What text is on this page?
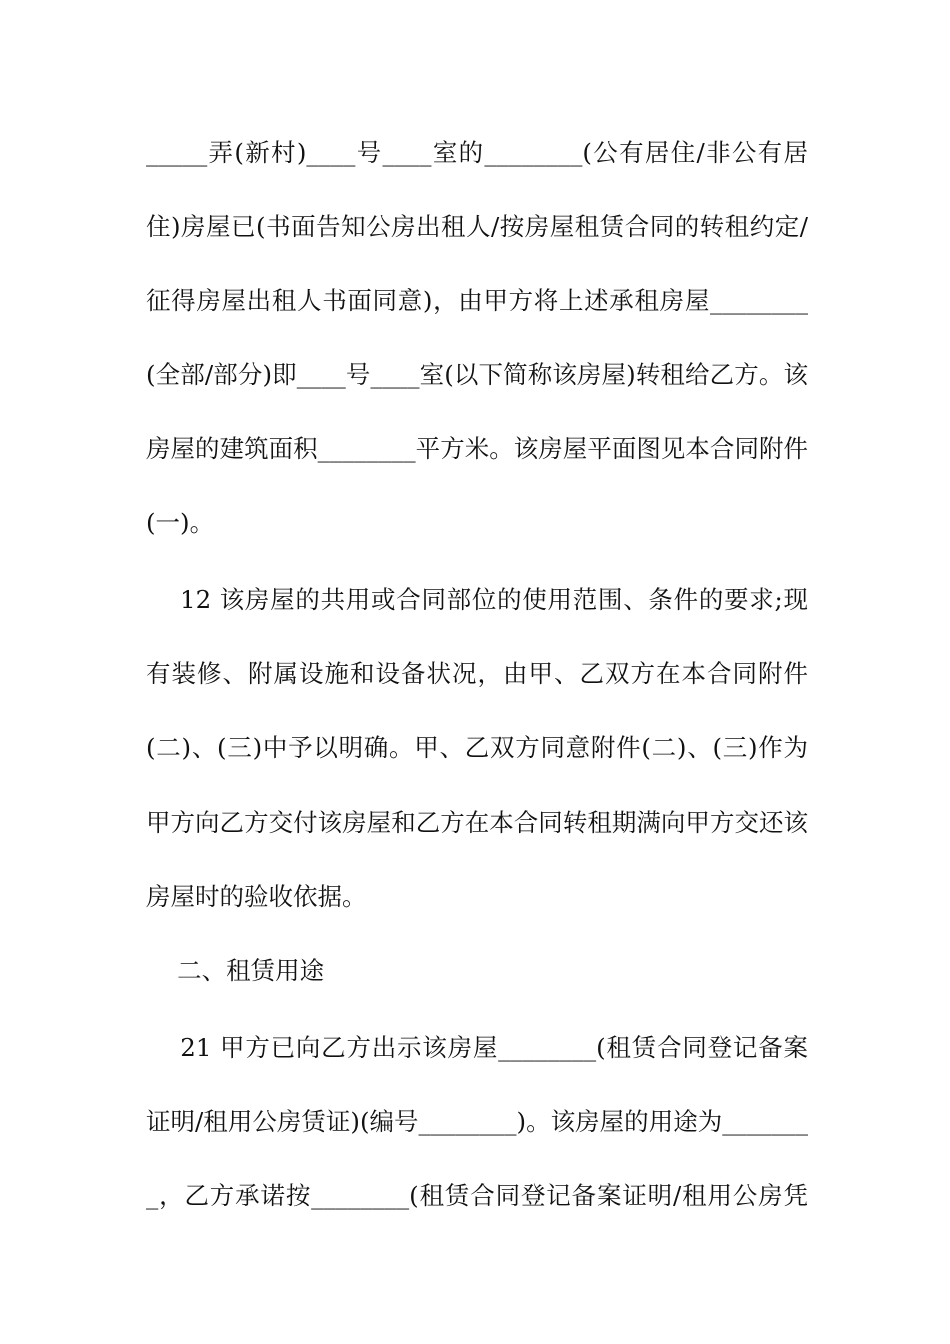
_____弄(新村)____号____室的________(公有居住/非公有居
住)房屋已(书面告知公房出租人/按房屋租赁合同的转租约定/
征得房屋出租人书面同意)，由甲方将上述承租房屋________
(全部/部分)即____号____室(以下简称该房屋)转租给乙方。该
房屋的建筑面积________平方米。该房屋平面图见本合同附件
(一)。
12 该房屋的共用或合同部位的使用范围、条件的要求;现
有装修、附属设施和设备状况，由甲、乙双方在本合同附件
(二)、(三)中予以明确。甲、乙双方同意附件(二)、(三)作为
甲方向乙方交付该房屋和乙方在本合同转租期满向甲方交还该
房屋时的验收依据。
二、租赁用途
21 甲方已向乙方出示该房屋________(租赁合同登记备案
证明/租用公房赁证)(编号________)。该房屋的用途为_______
_，乙方承诺按________(租赁合同登记备案证明/租用公房凭
